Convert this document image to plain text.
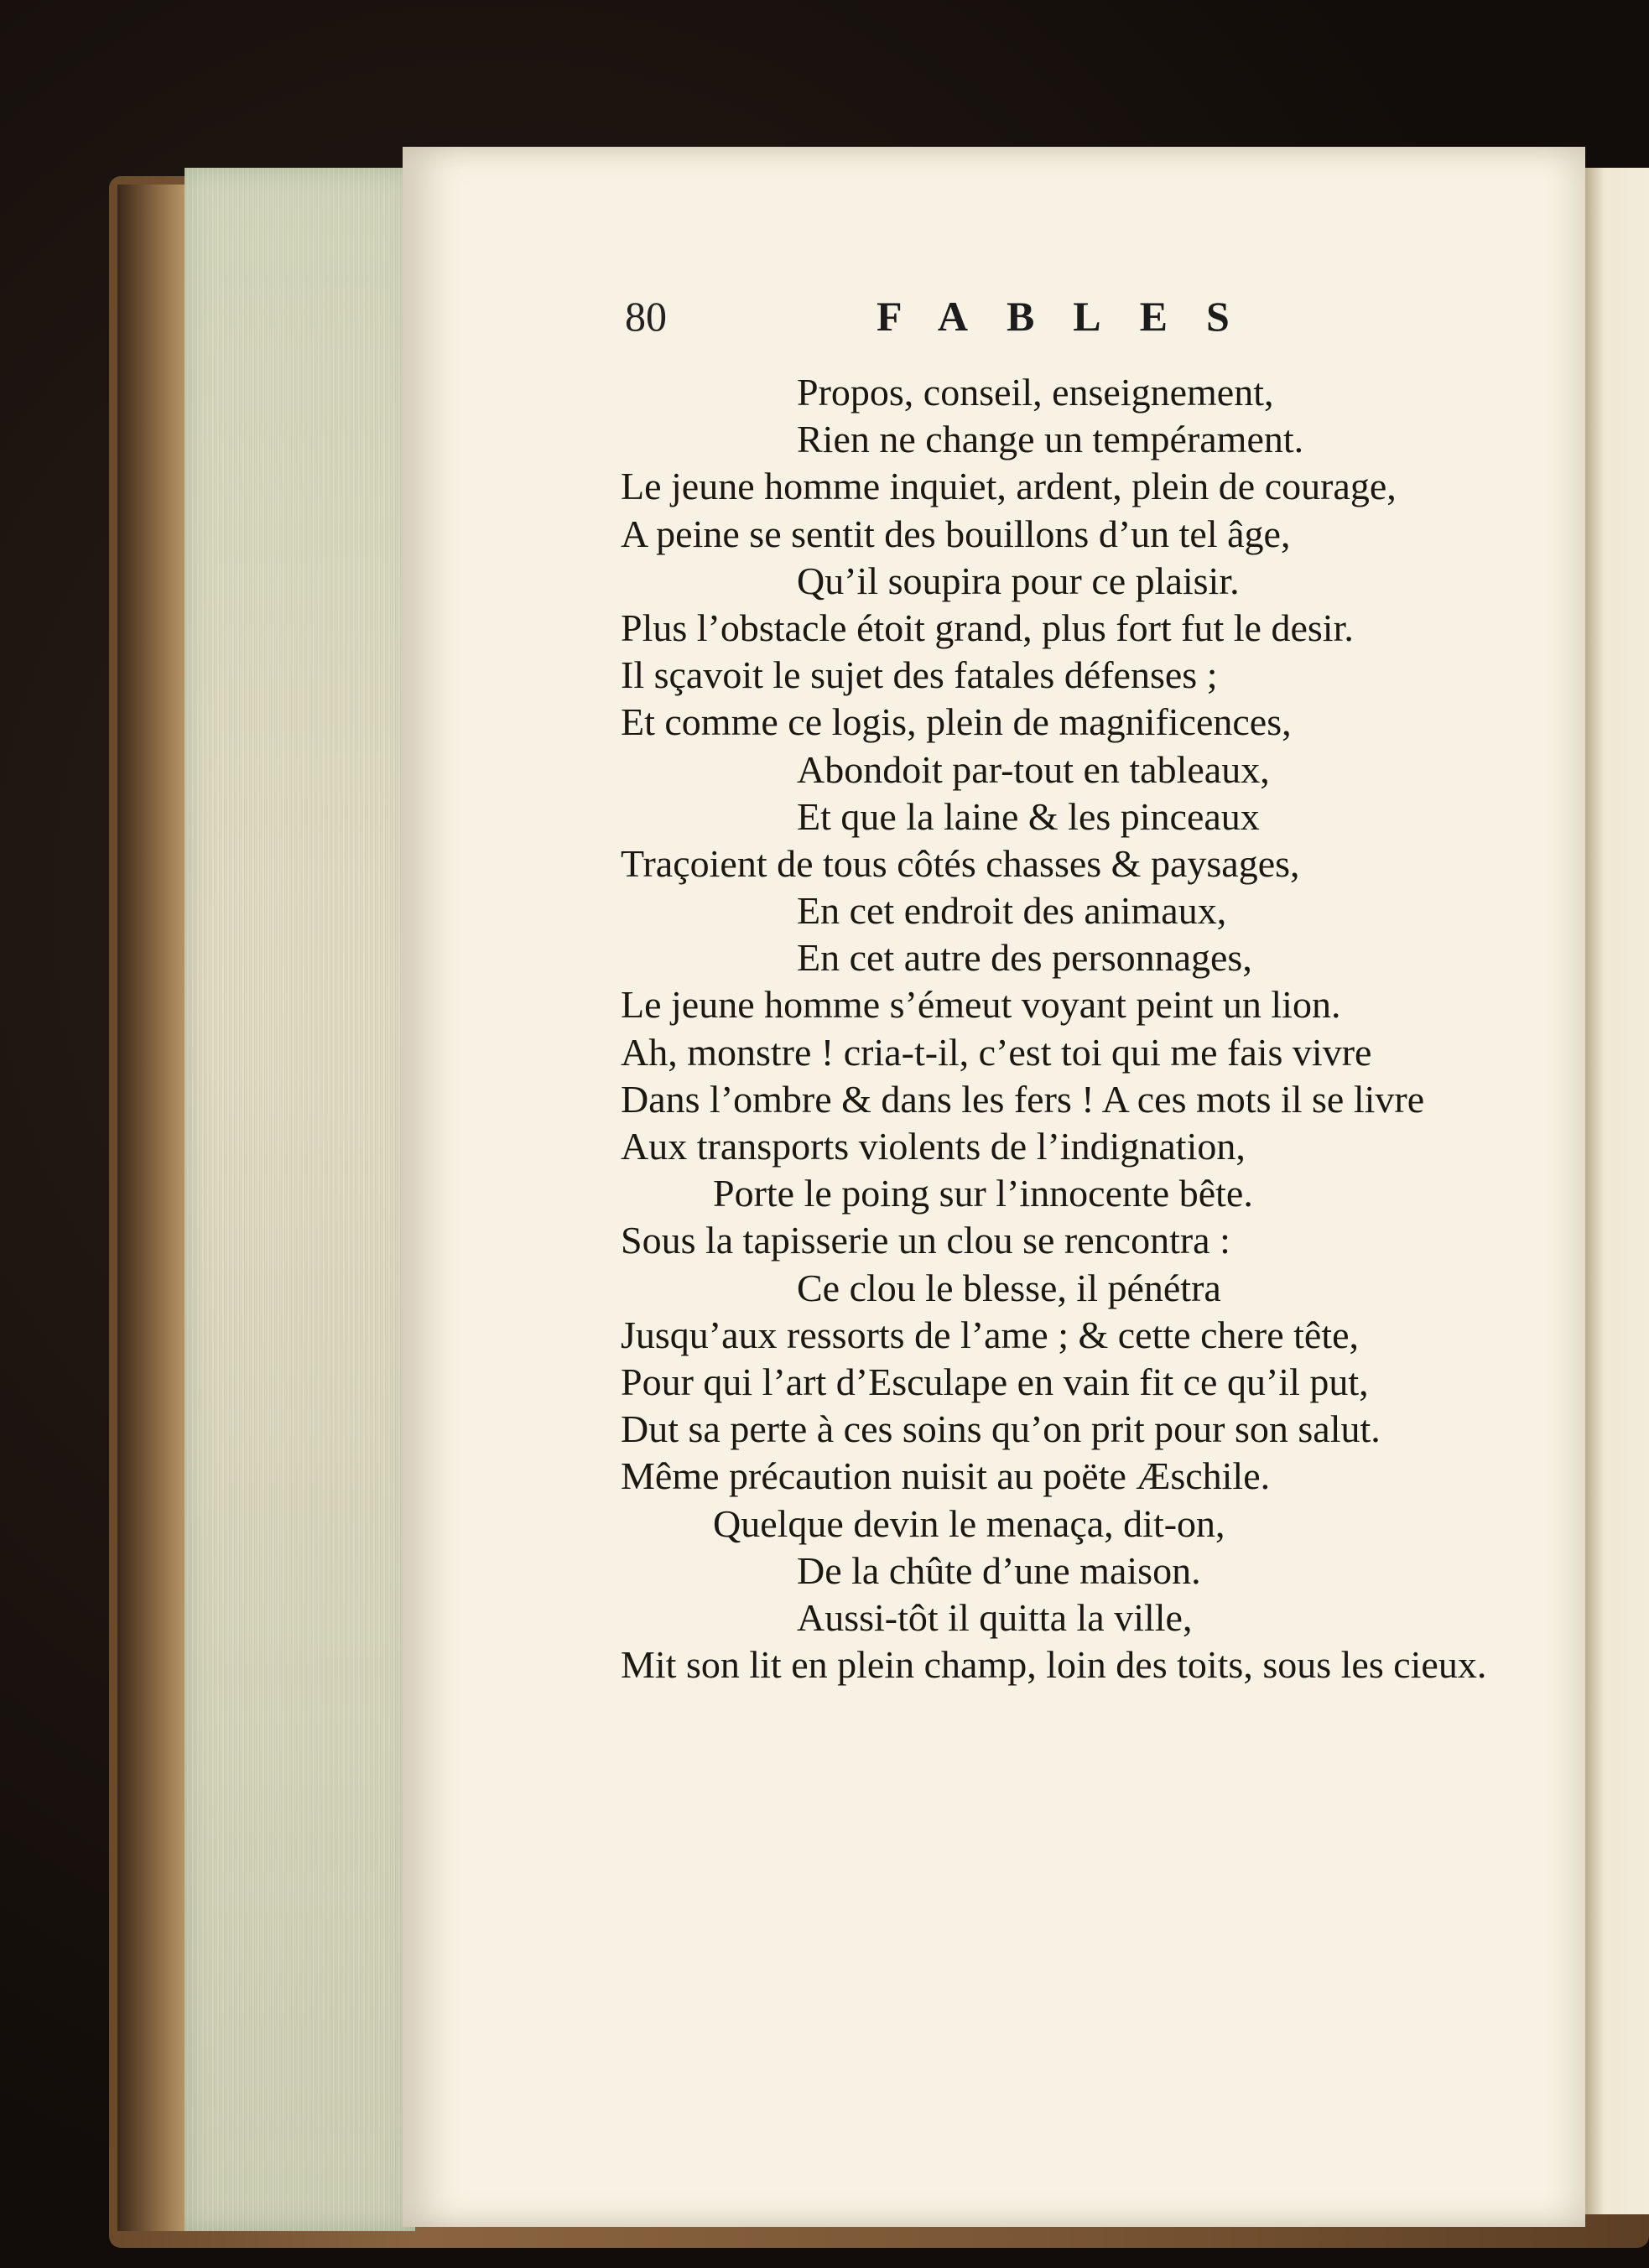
80	FABLES
Propos, conseil, enseignement,
Rien ne change un tempérament.
Le jeune homme inquiet, ardent, plein de courage,
A peine se sentit des bouillons d’un tel âge,
Qu’il soupira pour ce plaisir.
Plus l’obstacle étoit grand, plus fort fut le desir.
Il sçavoit le sujet des fatales défenses ;
Et comme ce logis, plein de magnificences,
Abondoit par-tout en tableaux,
Et que la laine & les pinceaux
Traçoient de tous côtés chasses & paysages,
En cet endroit des animaux,
En cet autre des personnages,
Le jeune homme s’émeut voyant peint un lion.
Ah, monstre ! cria-t-il, c’est toi qui me fais vivre
Dans l’ombre & dans les fers ! A ces mots il se livre
Aux transports violents de l’indignation,
Porte le poing sur l’innocente bête.
Sous la tapisserie un clou se rencontra :
Ce clou le blesse, il pénétra
Jusqu’aux ressorts de l’ame ; & cette chere tête,
Pour qui l’art d’Esculape en vain fit ce qu’il put,
Dut sa perte à ces soins qu’on prit pour son salut.
Même précaution nuisit au poëte Æschile.
Quelque devin le menaça, dit-on,
De la chûte d’une maison.
Aussi-tôt il quitta la ville,
Mit son lit en plein champ, loin des toits, sous les cieux.
